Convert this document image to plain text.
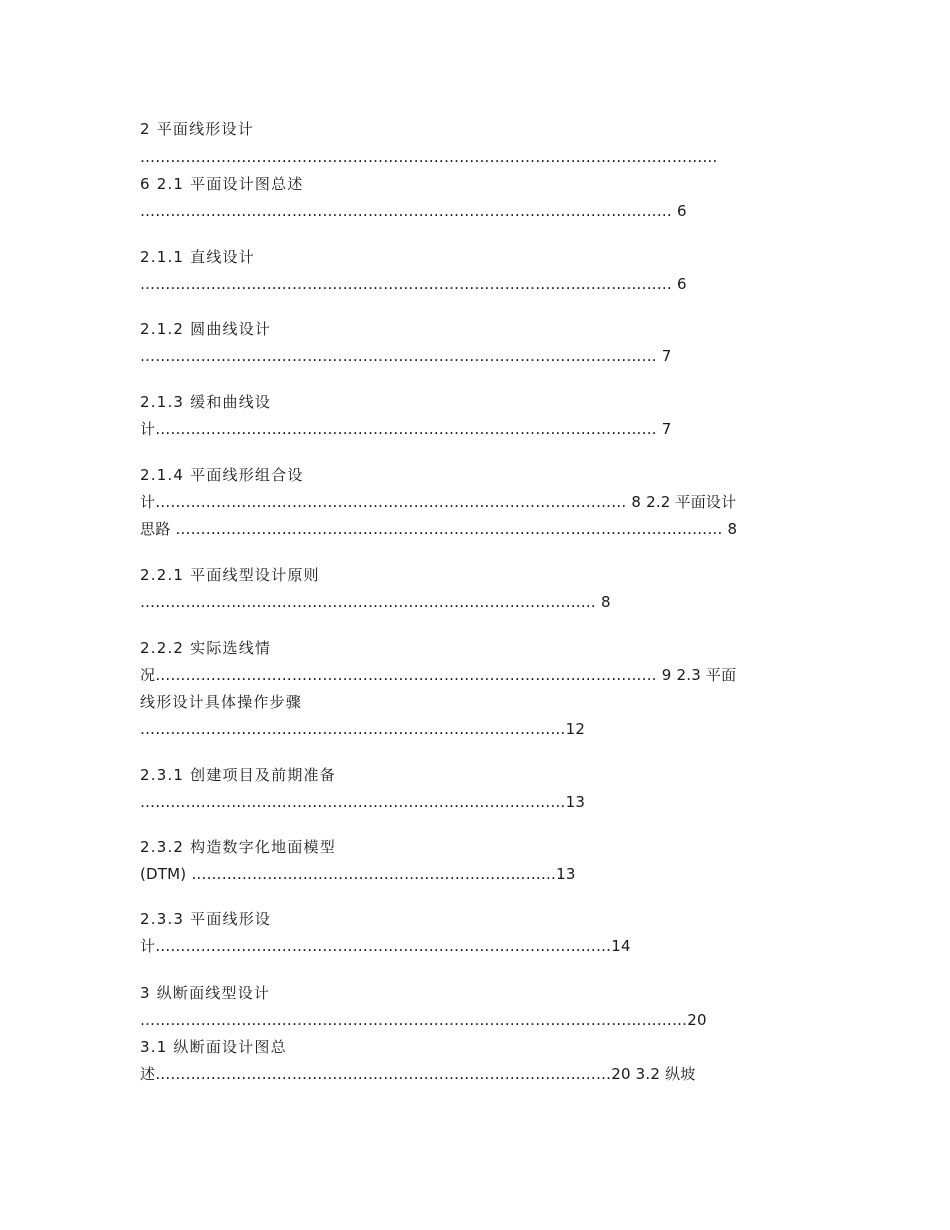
2 平面线形设计
……………………………………………………………………………………………………
6 2.1 平面设计图总述
…………………………………………………………………………………………… 6
2.1.1 直线设计
…………………………………………………………………………………………… 6
2.1.2 圆曲线设计
………………………………………………………………………………………… 7
2.1.3 缓和曲线设
计……………………………………………………………………………………… 7
2.1.4 平面线形组合设
计………………………………………………………………………………… 8 2.2 平面设计
思路 ……………………………………………………………………………………………… 8
2.2.1 平面线型设计原则
……………………………………………………………………………… 8
2.2.2 实际选线情
况……………………………………………………………………………………… 9 2.3 平面
线形设计具体操作步骤
…………………………………………………………………………12
2.3.1 创建项目及前期准备
…………………………………………………………………………13
2.3.2 构造数字化地面模型
(DTM) ………………………………………………………………13
2.3.3 平面线形设
计………………………………………………………………………………14
3 纵断面线型设计
………………………………………………………………………………………………20
3.1 纵断面设计图总
述………………………………………………………………………………20 3.2 纵坡
